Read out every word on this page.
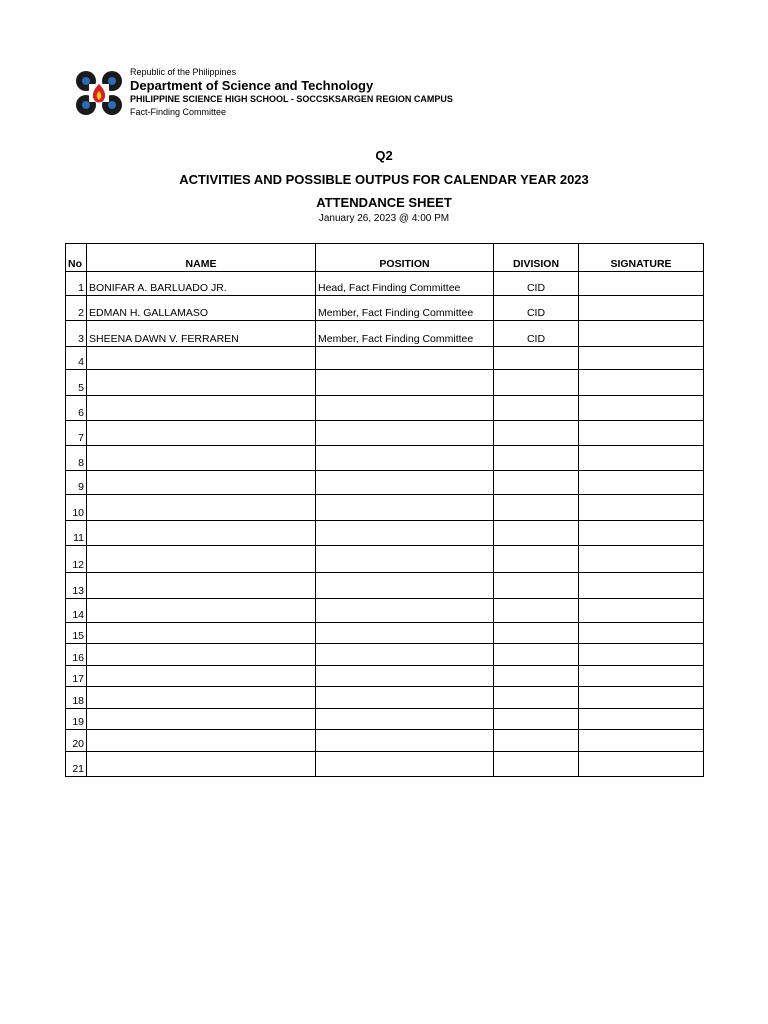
Republic of the Philippines
Department of Science and Technology
PHILIPPINE SCIENCE HIGH SCHOOL - SOCCSKSARGEN REGION CAMPUS
Fact-Finding Committee
Q2
ACTIVITIES AND POSSIBLE OUTPUS FOR CALENDAR YEAR 2023
ATTENDANCE SHEET
January 26, 2023 @ 4:00 PM
No	NAME	POSITION	DIVISION	SIGNATURE
1	BONIFAR A. BARLUADO JR.	Head, Fact Finding Committee	CID	
2	EDMAN H. GALLAMASO	Member, Fact Finding Committee	CID	
3	SHEENA DAWN V. FERRAREN	Member, Fact Finding Committee	CID	
4				
5				
6				
7				
8				
9				
10				
11				
12				
13				
14				
15				
16				
17				
18				
19				
20				
21				
